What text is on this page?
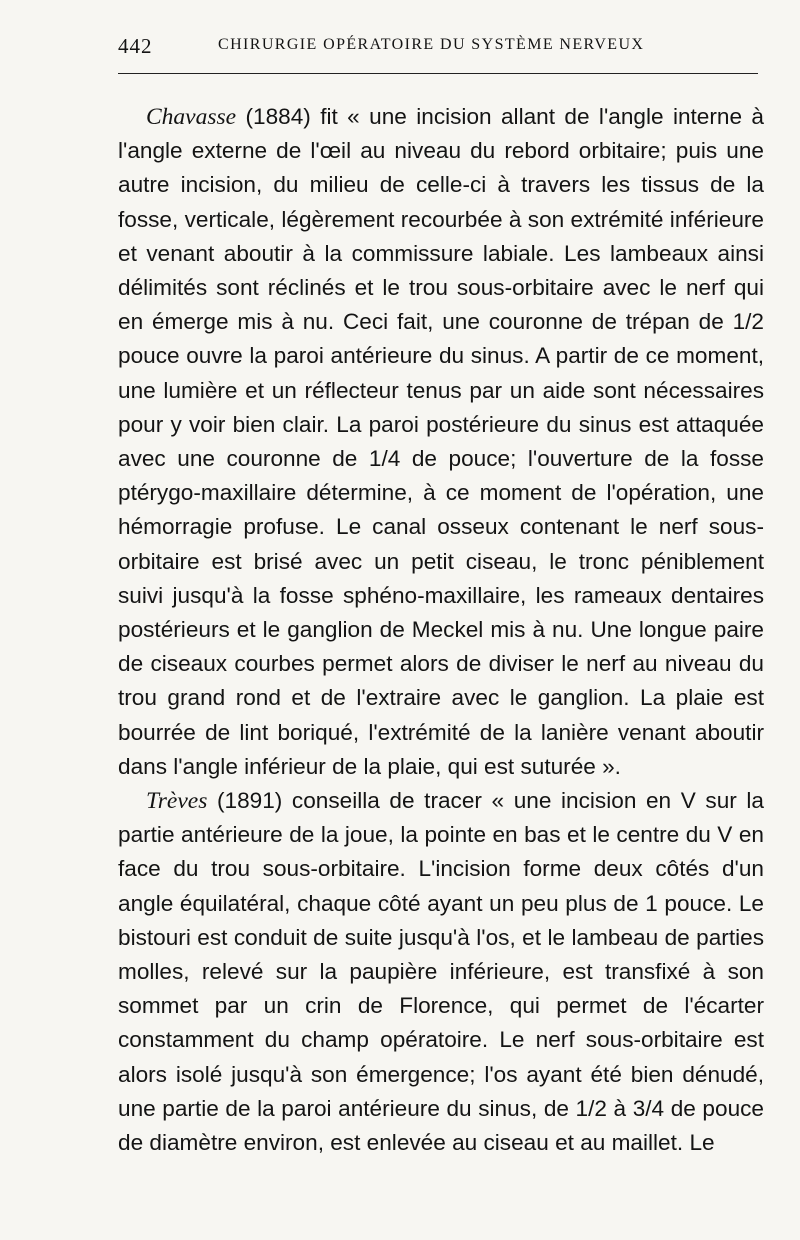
442	CHIRURGIE OPÉRATOIRE DU SYSTÈME NERVEUX

Chavasse (1884) fit « une incision allant de l'angle interne à l'angle externe de l'œil au niveau du rebord orbitaire; puis une autre incision, du milieu de celle-ci à travers les tissus de la fosse, verticale, légèrement recourbée à son extrémité inférieure et venant aboutir à la commissure labiale. Les lambeaux ainsi délimités sont réclinés et le trou sous-orbitaire avec le nerf qui en émerge mis à nu. Ceci fait, une couronne de trépan de 1/2 pouce ouvre la paroi antérieure du sinus. A partir de ce moment, une lumière et un réflecteur tenus par un aide sont nécessaires pour y voir bien clair. La paroi postérieure du sinus est attaquée avec une couronne de 1/4 de pouce; l'ouverture de la fosse ptérygo-maxillaire détermine, à ce moment de l'opération, une hémorragie profuse. Le canal osseux contenant le nerf sous-orbitaire est brisé avec un petit ciseau, le tronc péniblement suivi jusqu'à la fosse sphéno-maxillaire, les rameaux dentaires postérieurs et le ganglion de Meckel mis à nu. Une longue paire de ciseaux courbes permet alors de diviser le nerf au niveau du trou grand rond et de l'extraire avec le ganglion. La plaie est bourrée de lint boriqué, l'extrémité de la lanière venant aboutir dans l'angle inférieur de la plaie, qui est suturée ».

Trèves (1891) conseilla de tracer « une incision en V sur la partie antérieure de la joue, la pointe en bas et le centre du V en face du trou sous-orbitaire. L'incision forme deux côtés d'un angle équilatéral, chaque côté ayant un peu plus de 1 pouce. Le bistouri est conduit de suite jusqu'à l'os, et le lambeau de parties molles, relevé sur la paupière inférieure, est transfixé à son sommet par un crin de Florence, qui permet de l'écarter constamment du champ opératoire. Le nerf sous-orbitaire est alors isolé jusqu'à son émergence; l'os ayant été bien dénudé, une partie de la paroi antérieure du sinus, de 1/2 à 3/4 de pouce de diamètre environ, est enlevée au ciseau et au maillet. Le
